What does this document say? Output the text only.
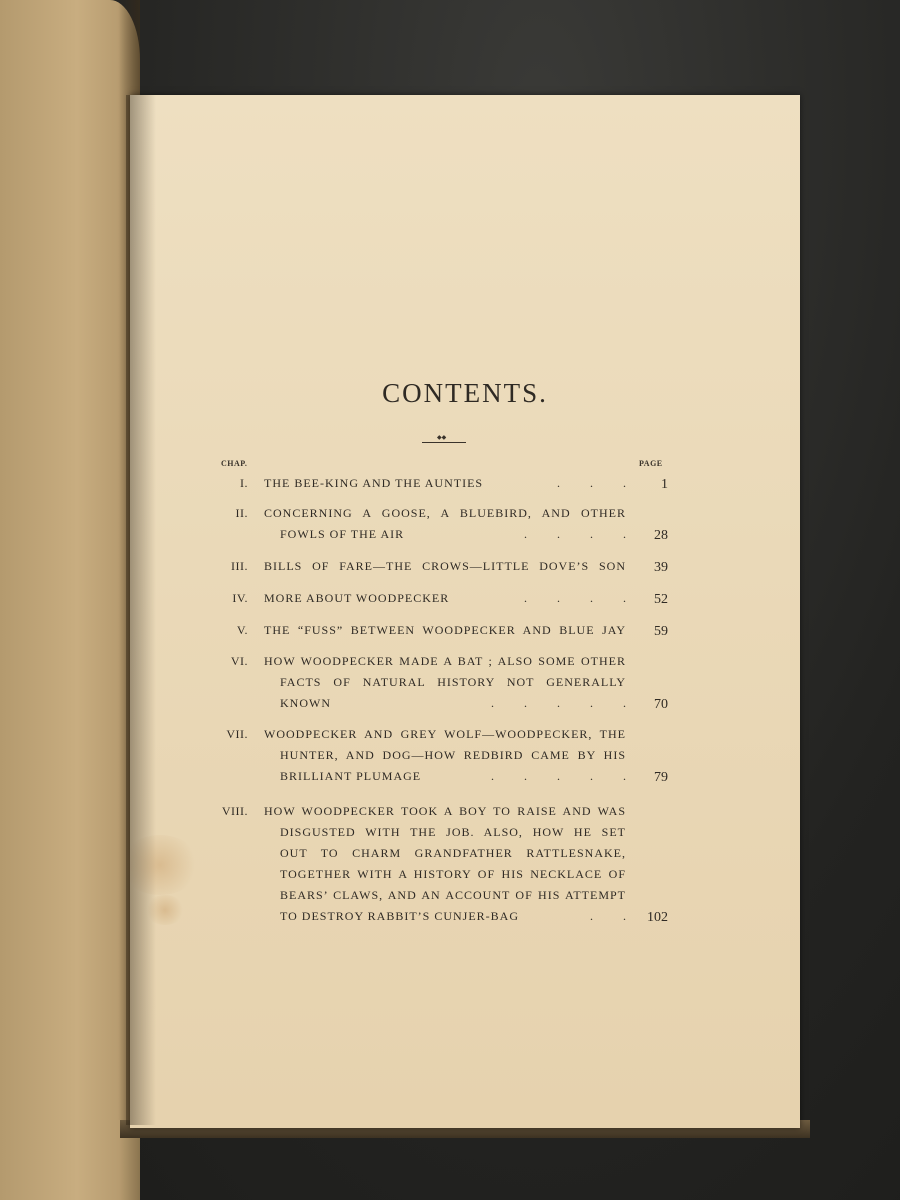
CONTENTS.
◆◆
CHAP.	PAGE
I. THE BEE-KING AND THE AUNTIES	.          .          .	1
II. CONCERNING A GOOSE, A BLUEBIRD, AND OTHER
FOWLS OF THE AIR	.          .          .          .	28
III. BILLS OF FARE—THE CROWS—LITTLE DOVE’S SON	39
IV. MORE ABOUT WOODPECKER	.          .          .          .	52
V. THE “FUSS” BETWEEN WOODPECKER AND BLUE JAY	59
VI. HOW WOODPECKER MADE A BAT ; ALSO SOME OTHER
FACTS OF NATURAL HISTORY NOT GENERALLY
KNOWN	.          .          .          .          .	70
VII. WOODPECKER AND GREY WOLF—WOODPECKER, THE
HUNTER, AND DOG—HOW REDBIRD CAME BY HIS
BRILLIANT PLUMAGE	.          .          .          .          .	79
VIII. HOW WOODPECKER TOOK A BOY TO RAISE AND WAS
DISGUSTED WITH THE JOB. ALSO, HOW HE SET
OUT TO CHARM GRANDFATHER RATTLESNAKE,
TOGETHER WITH A HISTORY OF HIS NECKLACE OF
BEARS’ CLAWS, AND AN ACCOUNT OF HIS ATTEMPT
TO DESTROY RABBIT’S CUNJER-BAG	.          .	102
